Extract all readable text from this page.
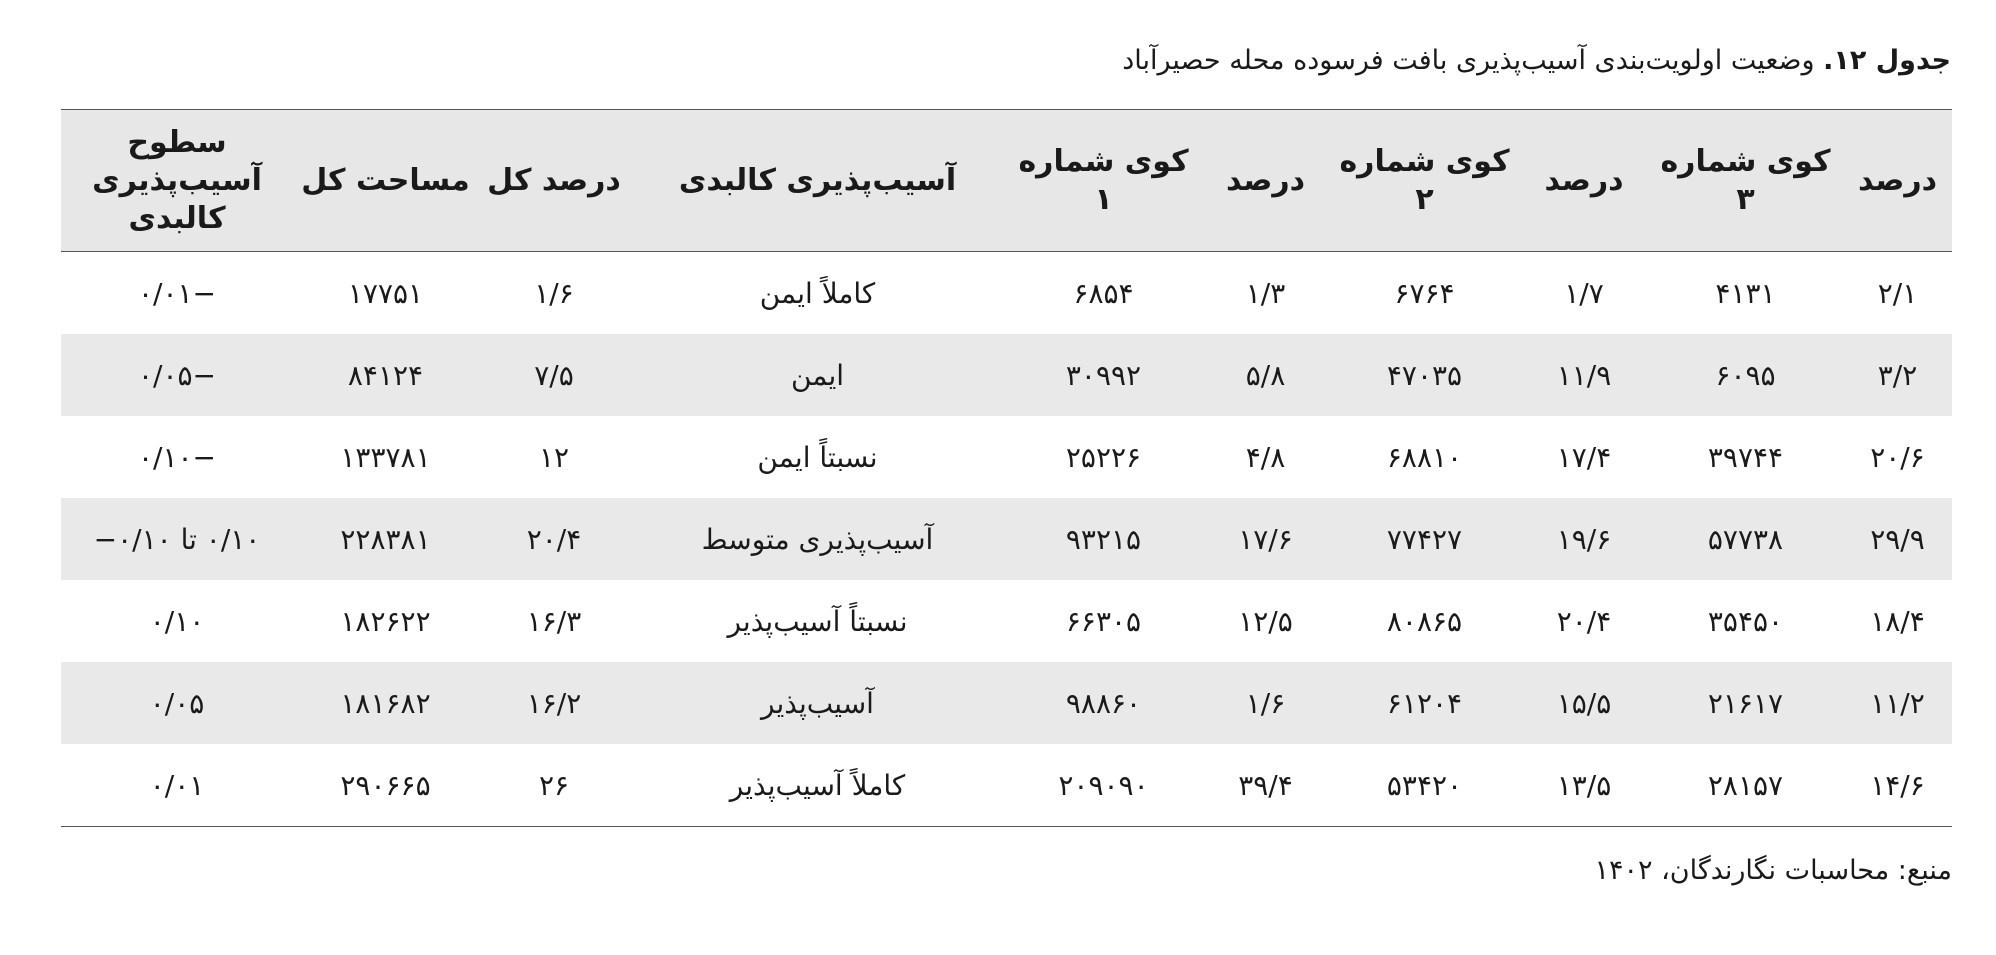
جدول ۱۲. وضعیت اولویت‌بندی آسیب‌پذیری بافت فرسوده محله حصیرآباد
درصد	کوی شماره ۳	درصد	کوی شماره ۲	درصد	کوی شماره ۱	آسیب‌پذیری کالبدی	درصد کل	مساحت کل	سطوح آسیب‌پذیری کالبدی
۲/۱	۴۱۳۱	۱/۷	۶۷۶۴	۱/۳	۶۸۵۴	کاملاً ایمن	۱/۶	۱۷۷۵۱	−۰/۰۱
۳/۲	۶۰۹۵	۱۱/۹	۴۷۰۳۵	۵/۸	۳۰۹۹۲	ایمن	۷/۵	۸۴۱۲۴	−۰/۰۵
۲۰/۶	۳۹۷۴۴	۱۷/۴	۶۸۸۱۰	۴/۸	۲۵۲۲۶	نسبتاً ایمن	۱۲	۱۳۳۷۸۱	−۰/۱۰
۲۹/۹	۵۷۷۳۸	۱۹/۶	۷۷۴۲۷	۱۷/۶	۹۳۲۱۵	آسیب‌پذیری متوسط	۲۰/۴	۲۲۸۳۸۱	۰/۱۰ تا ۰/۱۰−
۱۸/۴	۳۵۴۵۰	۲۰/۴	۸۰۸۶۵	۱۲/۵	۶۶۳۰۵	نسبتاً آسیب‌پذیر	۱۶/۳	۱۸۲۶۲۲	۰/۱۰
۱۱/۲	۲۱۶۱۷	۱۵/۵	۶۱۲۰۴	۱/۶	۹۸۸۶۰	آسیب‌پذیر	۱۶/۲	۱۸۱۶۸۲	۰/۰۵
۱۴/۶	۲۸۱۵۷	۱۳/۵	۵۳۴۲۰	۳۹/۴	۲۰۹۰۹۰	کاملاً آسیب‌پذیر	۲۶	۲۹۰۶۶۵	۰/۰۱
منبع: محاسبات نگارندگان، ۱۴۰۲
